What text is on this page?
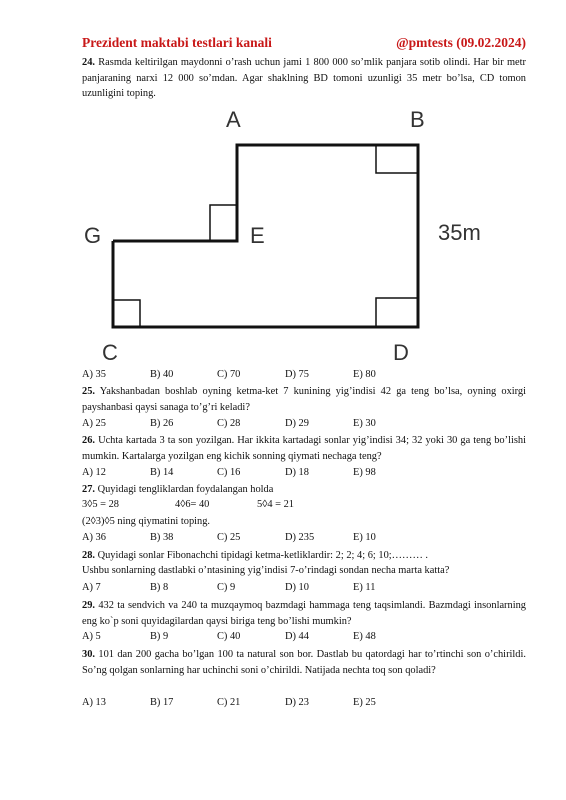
Prezident maktabi testlari kanali	@pmtests (09.02.2024)
24. Rasmda keltirilgan maydonni o’rash uchun jami 1 800 000 so’mlik panjara sotib olindi. Har bir metr panjaraning narxi 12 000 so’mdan. Agar shaklning BD tomoni uzunligi 35 metr bo’lsa, CD tomon uzunligini toping.
A	B
G	E	35m
C	D
A) 35	B) 40	C) 70	D) 75	E) 80
25. Yakshanbadan boshlab oyning ketma-ket 7 kunining yig’indisi 42 ga teng bo’lsa, oyning oxirgi payshanbasi qaysi sanaga to’g’ri keladi?
A) 25	B) 26	C) 28	D) 29	E) 30
26. Uchta kartada 3 ta son yozilgan. Har ikkita kartadagi sonlar yig’indisi 34; 32 yoki 30 ga teng bo’lishi mumkin. Kartalarga yozilgan eng kichik sonning qiymati nechaga teng?
A) 12	B) 14	C) 16	D) 18	E) 98
27. Quyidagi tengliklardan foydalangan holda
3◊5 = 28	4◊6= 40	5◊4 = 21
(2◊3)◊5 ning qiymatini toping.
A) 36	B) 38	C) 25	D) 235	E) 10
28. Quyidagi sonlar Fibonachchi tipidagi ketma-ketliklardir: 2; 2; 4; 6; 10;……… .
Ushbu sonlarning dastlabki o’ntasining yig’indisi 7-o’rindagi sondan necha marta katta?
A) 7	B) 8	C) 9	D) 10	E) 11
29. 432 ta sendvich va 240 ta muzqaymoq bazmdagi hammaga teng taqsimlandi. Bazmdagi insonlarning eng ko`p soni quyidagilardan qaysi biriga teng bo’lishi mumkin?
A) 5	B) 9	C) 40	D) 44	E) 48
30. 101 dan 200 gacha bo’lgan 100 ta natural son bor. Dastlab bu qatordagi har to’rtinchi son o’chirildi. So’ng qolgan sonlarning har uchinchi soni o’chirildi. Natijada nechta toq son qoladi?
A) 13	B) 17	C) 21	D) 23	E) 25
